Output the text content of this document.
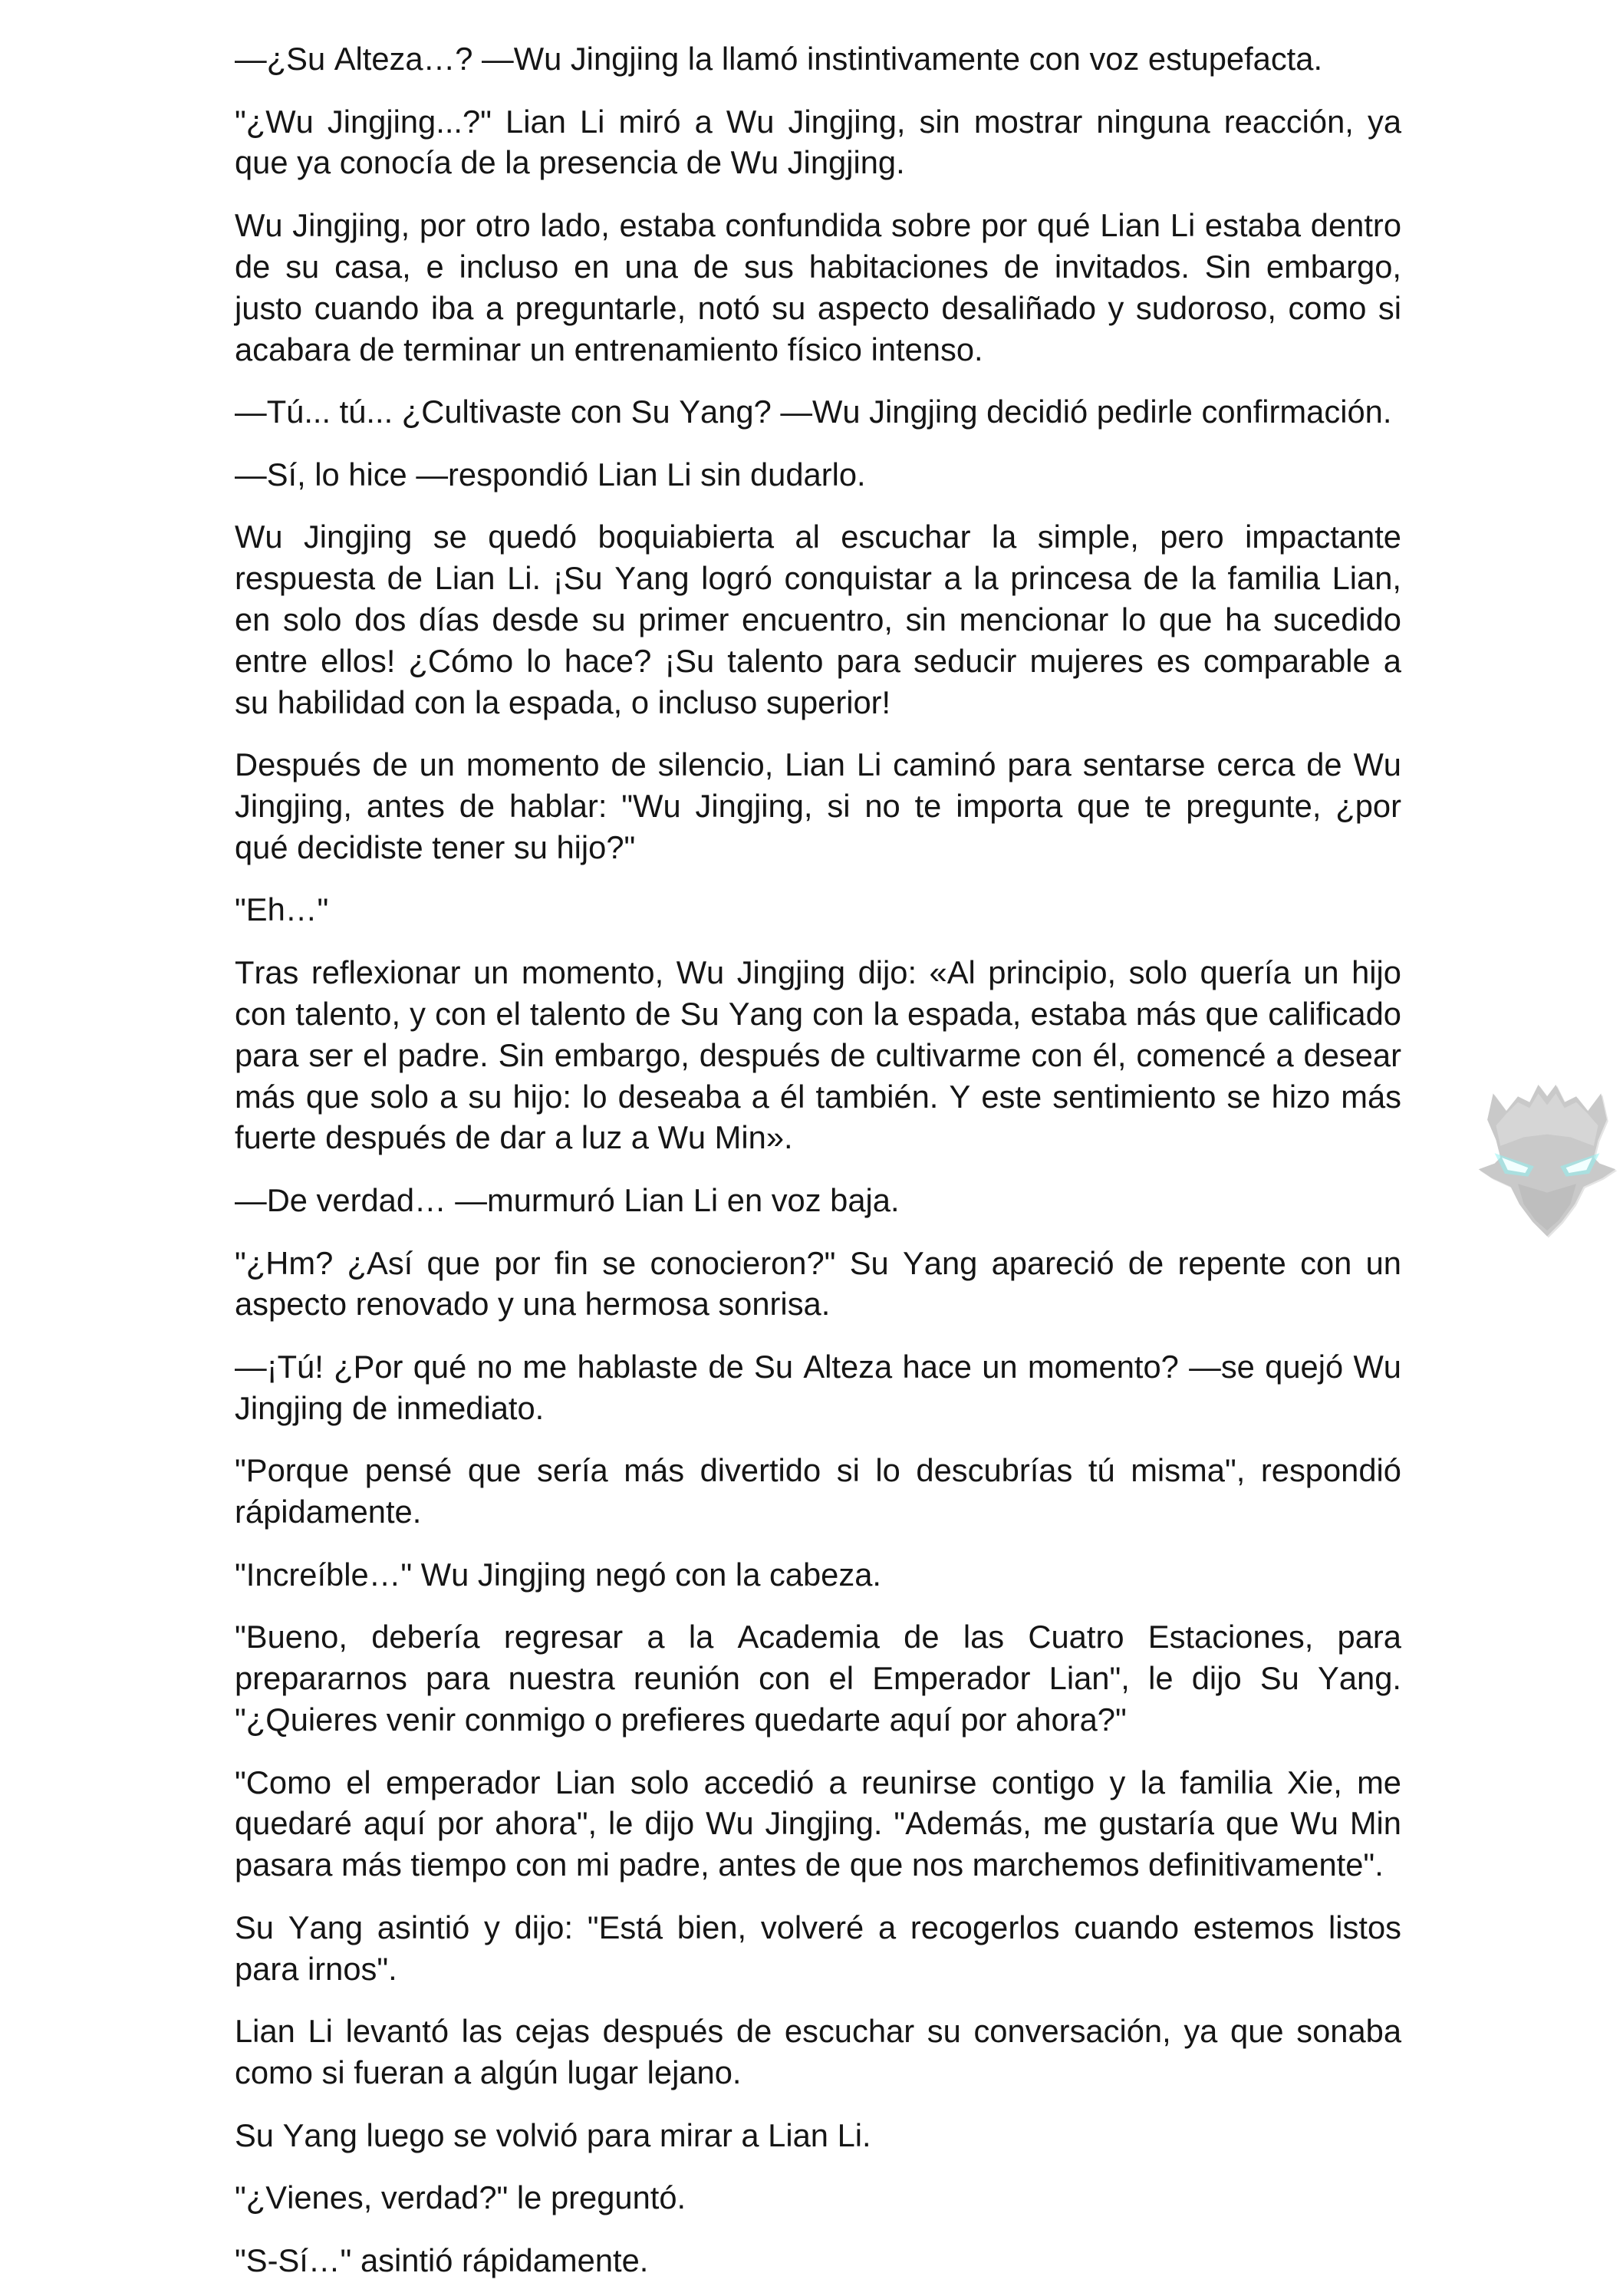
—¿Su Alteza…? —Wu Jingjing la llamó instintivamente con voz estupefacta.

"¿Wu Jingjing...?" Lian Li miró a Wu Jingjing, sin mostrar ninguna reacción, ya
que ya conocía de la presencia de Wu Jingjing.

Wu Jingjing, por otro lado, estaba confundida sobre por qué Lian Li estaba dentro
de su casa, e incluso en una de sus habitaciones de invitados. Sin embargo,
justo cuando iba a preguntarle, notó su aspecto desaliñado y sudoroso, como si
acabara de terminar un entrenamiento físico intenso.

—Tú... tú... ¿Cultivaste con Su Yang? —Wu Jingjing decidió pedirle confirmación.

—Sí, lo hice —respondió Lian Li sin dudarlo.

Wu Jingjing se quedó boquiabierta al escuchar la simple, pero impactante
respuesta de Lian Li. ¡Su Yang logró conquistar a la princesa de la familia Lian,
en solo dos días desde su primer encuentro, sin mencionar lo que ha sucedido
entre ellos! ¿Cómo lo hace? ¡Su talento para seducir mujeres es comparable a
su habilidad con la espada, o incluso superior!

Después de un momento de silencio, Lian Li caminó para sentarse cerca de Wu
Jingjing, antes de hablar: "Wu Jingjing, si no te importa que te pregunte, ¿por
qué decidiste tener su hijo?"

"Eh…"

Tras reflexionar un momento, Wu Jingjing dijo: «Al principio, solo quería un hijo
con talento, y con el talento de Su Yang con la espada, estaba más que calificado
para ser el padre. Sin embargo, después de cultivarme con él, comencé a desear
más que solo a su hijo: lo deseaba a él también. Y este sentimiento se hizo más
fuerte después de dar a luz a Wu Min».

—De verdad… —murmuró Lian Li en voz baja.

"¿Hm? ¿Así que por fin se conocieron?" Su Yang apareció de repente con un
aspecto renovado y una hermosa sonrisa.

—¡Tú! ¿Por qué no me hablaste de Su Alteza hace un momento? —se quejó Wu
Jingjing de inmediato.

"Porque pensé que sería más divertido si lo descubrías tú misma", respondió
rápidamente.

"Increíble…" Wu Jingjing negó con la cabeza.

"Bueno, debería regresar a la Academia de las Cuatro Estaciones, para
prepararnos para nuestra reunión con el Emperador Lian", le dijo Su Yang.
"¿Quieres venir conmigo o prefieres quedarte aquí por ahora?"

"Como el emperador Lian solo accedió a reunirse contigo y la familia Xie, me
quedaré aquí por ahora", le dijo Wu Jingjing. "Además, me gustaría que Wu Min
pasara más tiempo con mi padre, antes de que nos marchemos definitivamente".

Su Yang asintió y dijo: "Está bien, volveré a recogerlos cuando estemos listos
para irnos".

Lian Li levantó las cejas después de escuchar su conversación, ya que sonaba
como si fueran a algún lugar lejano.

Su Yang luego se volvió para mirar a Lian Li.

"¿Vienes, verdad?" le preguntó.

"S-Sí…" asintió rápidamente.
